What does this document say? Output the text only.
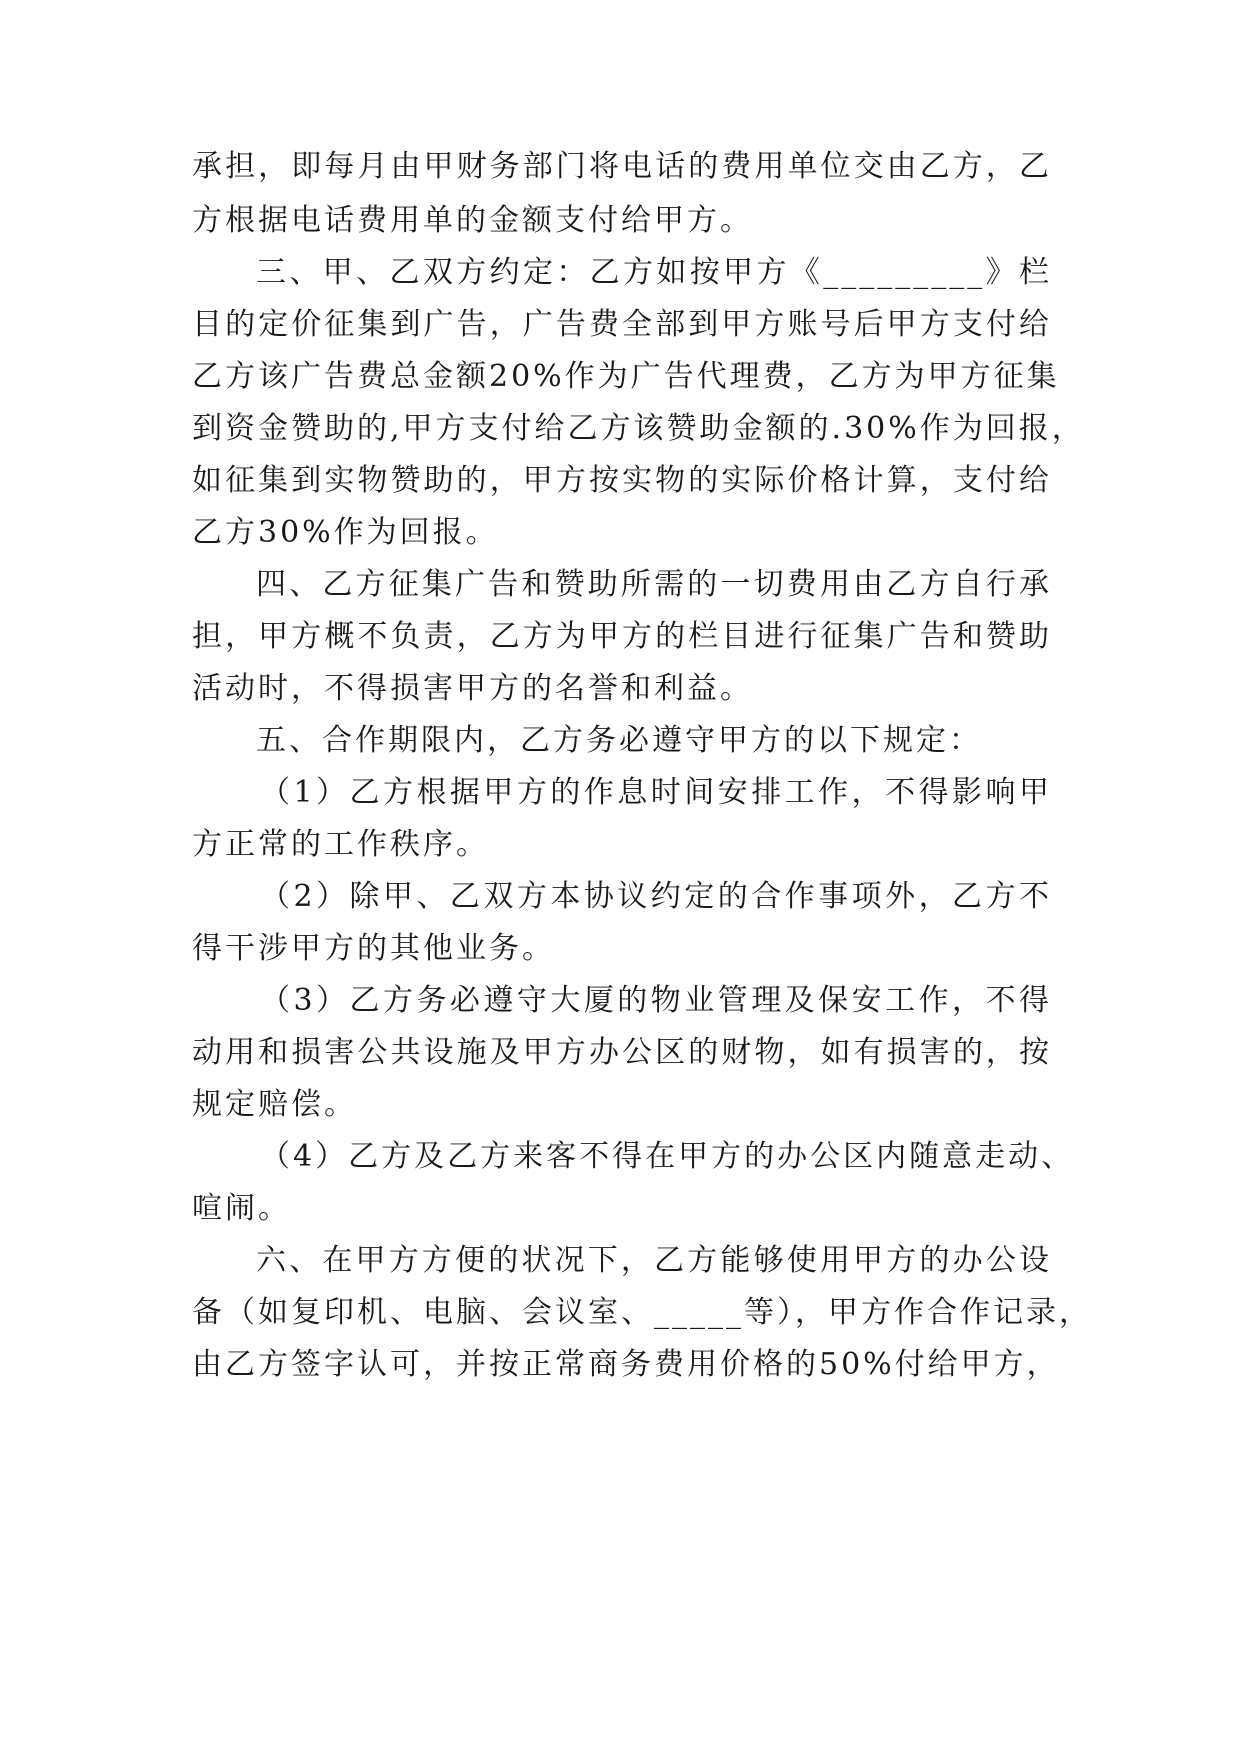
承担，即每月由甲财务部门将电话的费用单位交由乙方，乙
方根据电话费用单的金额支付给甲方。
三、甲、乙双方约定：乙方如按甲方《_________》栏
目的定价征集到广告，广告费全部到甲方账号后甲方支付给
乙方该广告费总金额20%作为广告代理费，乙方为甲方征集
到资金赞助的,甲方支付给乙方该赞助金额的.30%作为回报，
如征集到实物赞助的，甲方按实物的实际价格计算，支付给
乙方30%作为回报。
四、乙方征集广告和赞助所需的一切费用由乙方自行承
担，甲方概不负责，乙方为甲方的栏目进行征集广告和赞助
活动时，不得损害甲方的名誉和利益。
五、合作期限内，乙方务必遵守甲方的以下规定：
（1）乙方根据甲方的作息时间安排工作，不得影响甲
方正常的工作秩序。
（2）除甲、乙双方本协议约定的合作事项外，乙方不
得干涉甲方的其他业务。
（3）乙方务必遵守大厦的物业管理及保安工作，不得
动用和损害公共设施及甲方办公区的财物，如有损害的，按
规定赔偿。
（4）乙方及乙方来客不得在甲方的办公区内随意走动、
喧闹。
六、在甲方方便的状况下，乙方能够使用甲方的办公设
备（如复印机、电脑、会议室、_____等），甲方作合作记录，
由乙方签字认可，并按正常商务费用价格的50%付给甲方，
